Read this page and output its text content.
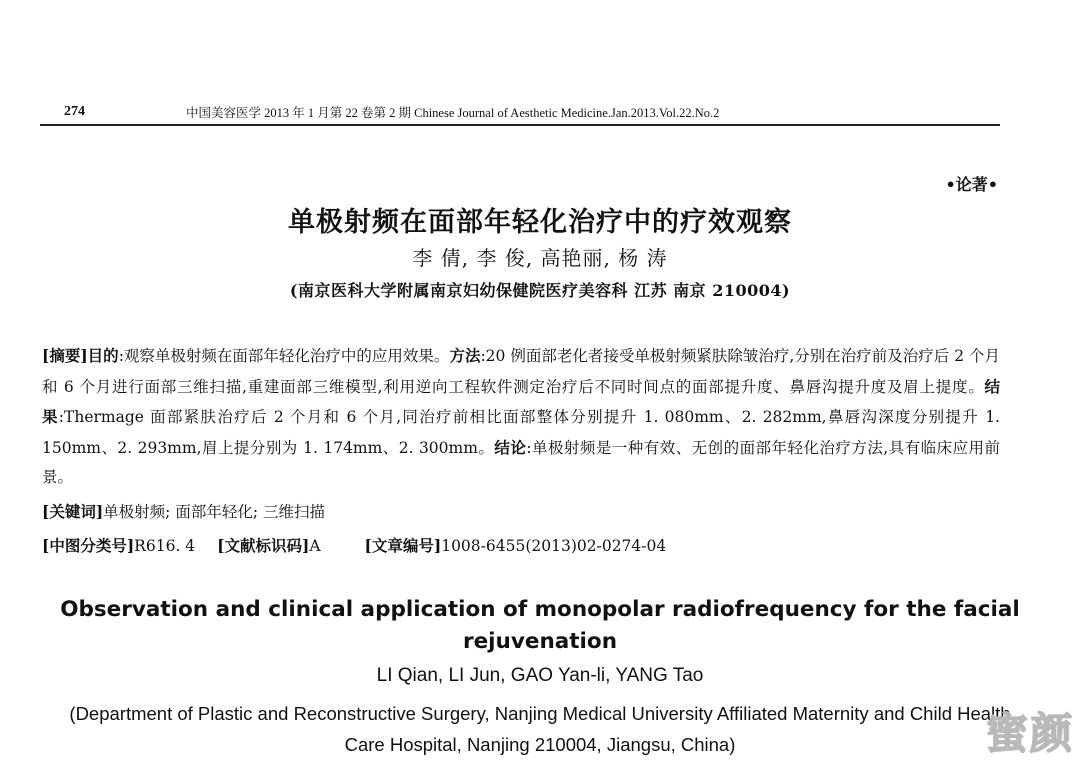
274	中国美容医学 2013 年 1 月第 22 卷第 2 期 Chinese Journal of Aesthetic Medicine.Jan.2013.Vol.22.No.2
•论著•
单极射频在面部年轻化治疗中的疗效观察
李 倩, 李 俊, 高艳丽, 杨 涛
(南京医科大学附属南京妇幼保健院医疗美容科 江苏 南京 210004)
[摘要]目的:观察单极射频在面部年轻化治疗中的应用效果。方法:20 例面部老化者接受单极射频紧肤除皱治疗,分别在治疗前及治疗后 2 个月和 6 个月进行面部三维扫描,重建面部三维模型,利用逆向工程软件测定治疗后不同时间点的面部提升度、鼻唇沟提升度及眉上提度。结果:Thermage 面部紧肤治疗后 2 个月和 6 个月,同治疗前相比面部整体分别提升 1. 080mm、2. 282mm,鼻唇沟深度分别提升 1. 150mm、2. 293mm,眉上提分别为 1. 174mm、2. 300mm。结论:单极射频是一种有效、无创的面部年轻化治疗方法,具有临床应用前景。
[关键词]单极射频; 面部年轻化; 三维扫描
[中图分类号]R616. 4 [文献标识码]A	[文章编号]1008-6455(2013)02-0274-04
Observation and clinical application of monopolar radiofrequency for the facial rejuvenation
LI Qian, LI Jun, GAO Yan-li, YANG Tao
(Department of Plastic and Reconstructive Surgery, Nanjing Medical University Affiliated Maternity and Child Health Care Hospital, Nanjing 210004, Jiangsu, China)	蜜颜
